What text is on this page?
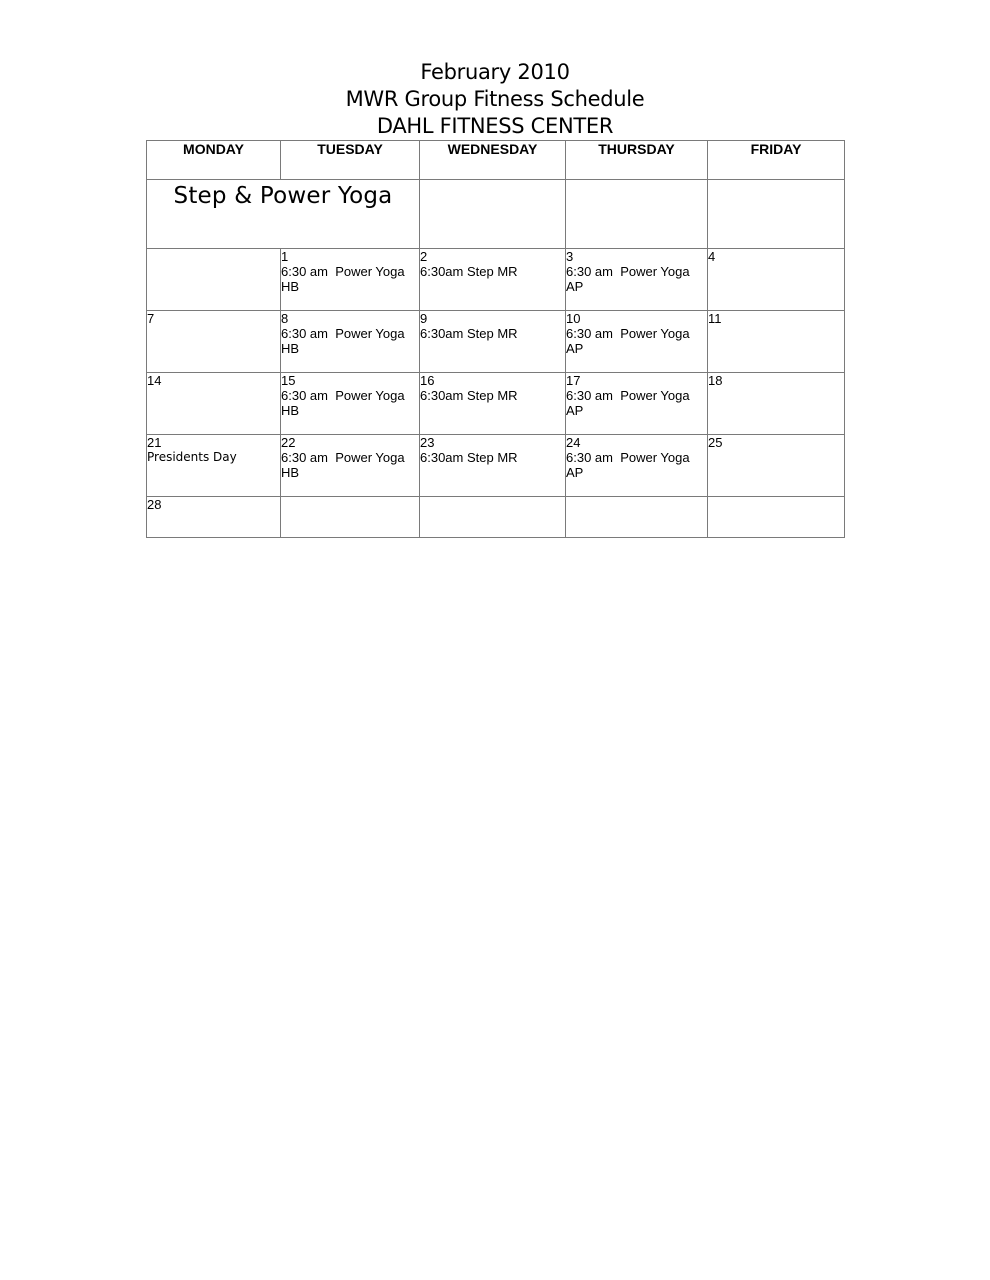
February 2010
MWR Group Fitness Schedule
DAHL FITNESS CENTER
MONDAY	TUESDAY	WEDNESDAY	THURSDAY	FRIDAY

Step & Power Yoga				

	1
6:30 am  Power Yoga
HB	2
6:30am Step MR	3
6:30 am  Power Yoga
AP	4

7	8
6:30 am  Power Yoga
HB	9
6:30am Step MR	10
6:30 am  Power Yoga
AP	11

14	15
6:30 am  Power Yoga
HB	16
6:30am Step MR	17
6:30 am  Power Yoga
AP	18

21
Presidents Day	22
6:30 am  Power Yoga
HB	23
6:30am Step MR	24
6:30 am  Power Yoga
AP	25

28				
